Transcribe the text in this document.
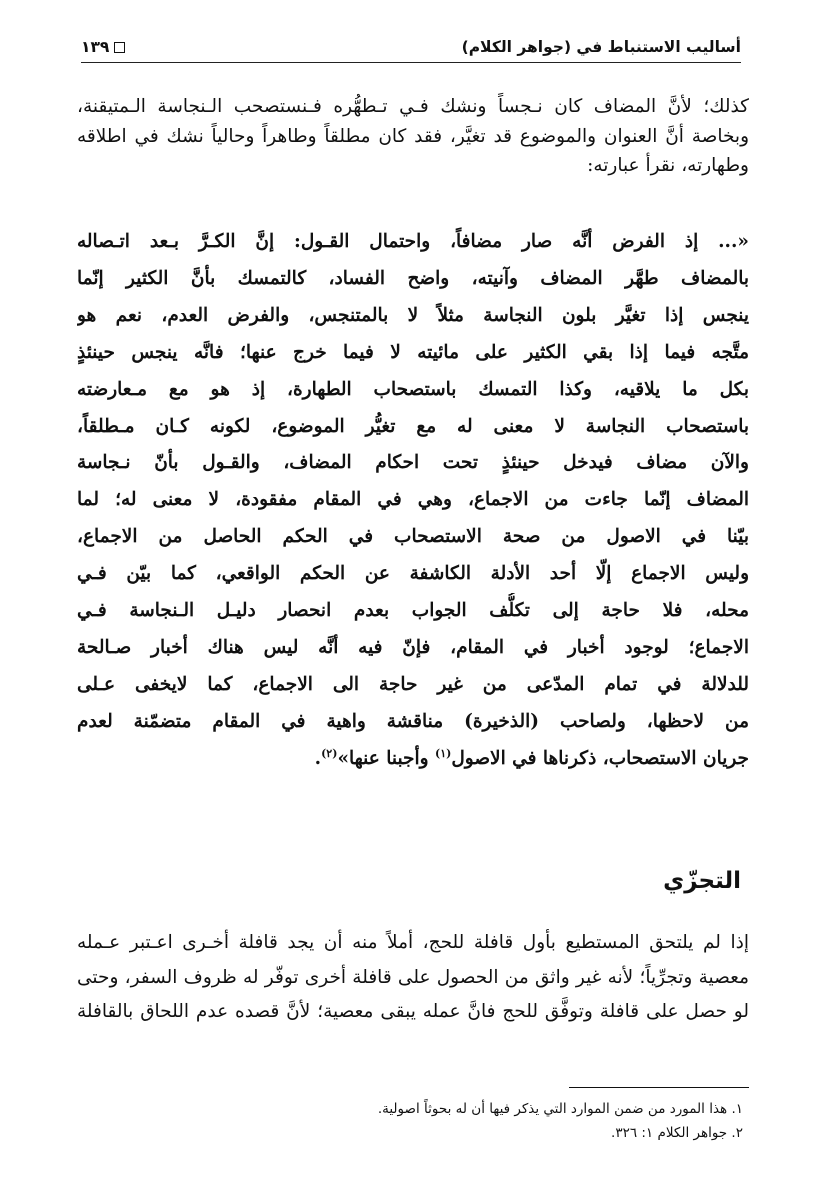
أساليب الاستنباط في (جواهر الكلام)
١٣٩
كذلك؛ لأنَّ المضاف كان نـجساً ونشك فـي تـطهُّره فـنستصحب الـنجاسة الـمتيقنة،
وبخاصة أنَّ العنوان والموضوع قد تغيَّر، فقد كان مطلقاً وطاهراً وحالياً نشك في اطلاقه
وطهارته، نقرأ عبارته:
«... إذ الفرض أنَّه صار مضافاً، واحتمال القـول: إنَّ الكـرَّ بـعد اتـصاله
بالمضاف طهَّر المضاف وآنيته، واضح الفساد، كالتمسك بأنَّ الكثير إنّما
ينجس إذا تغيَّر بلون النجاسة مثلاً لا بالمتنجس، والفرض العدم، نعم هو
متَّجه فيما إذا بقي الكثير على مائيته لا فيما خرج عنها؛ فانَّه ينجس حينئذٍ
بكل ما يلاقيه، وكذا التمسك باستصحاب الطهارة، إذ هو مع مـعارضته
باستصحاب النجاسة لا معنى له مع تغيُّر الموضوع، لكونه كـان مـطلقاً،
والآن مضاف فيدخل حينئذٍ تحت احكام المضاف، والقـول بأنّ نـجاسة
المضاف إنّما جاءت من الاجماع، وهي في المقام مفقودة، لا معنى له؛ لما
بيّنا في الاصول من صحة الاستصحاب في الحكم الحاصل من الاجماع،
وليس الاجماع إلّا أحد الأدلة الكاشفة عن الحكم الواقعي، كما بيّن فـي
محله، فلا حاجة إلى تكلُّف الجواب بعدم انحصار دليـل الـنجاسة فـي
الاجماع؛ لوجود أخبار في المقام، فإنّ فيه أنَّه ليس هناك أخبار صـالحة
للدلالة في تمام المدّعى من غير حاجة الى الاجماع، كما لايخفى عـلى
من لاحظها، ولصاحب (الذخيرة) مناقشة واهية في المقام متضمّنة لعدم
جريان الاستصحاب، ذكرناها في الاصول$^{(١)}$ وأجبنا عنها»$^{(٢)}$.
التجزّي
إذا لم يلتحق المستطيع بأول قافلة للحج، أملاً منه أن يجد قافلة أخـرى اعـتبر عـمله
معصية وتجرِّياً؛ لأنه غير واثق من الحصول على قافلة أخرى توفّر له ظروف السفر، وحتى
لو حصل على قافلة وتوفَّق للحج فانَّ عمله يبقى معصية؛ لأنَّ قصده عدم اللحاق بالقافلة
١. هذا المورد من ضمن الموارد التي يذكر فيها أن له بحوثاً اصولية.
٢. جواهر الكلام ١: ٣٢٦.
